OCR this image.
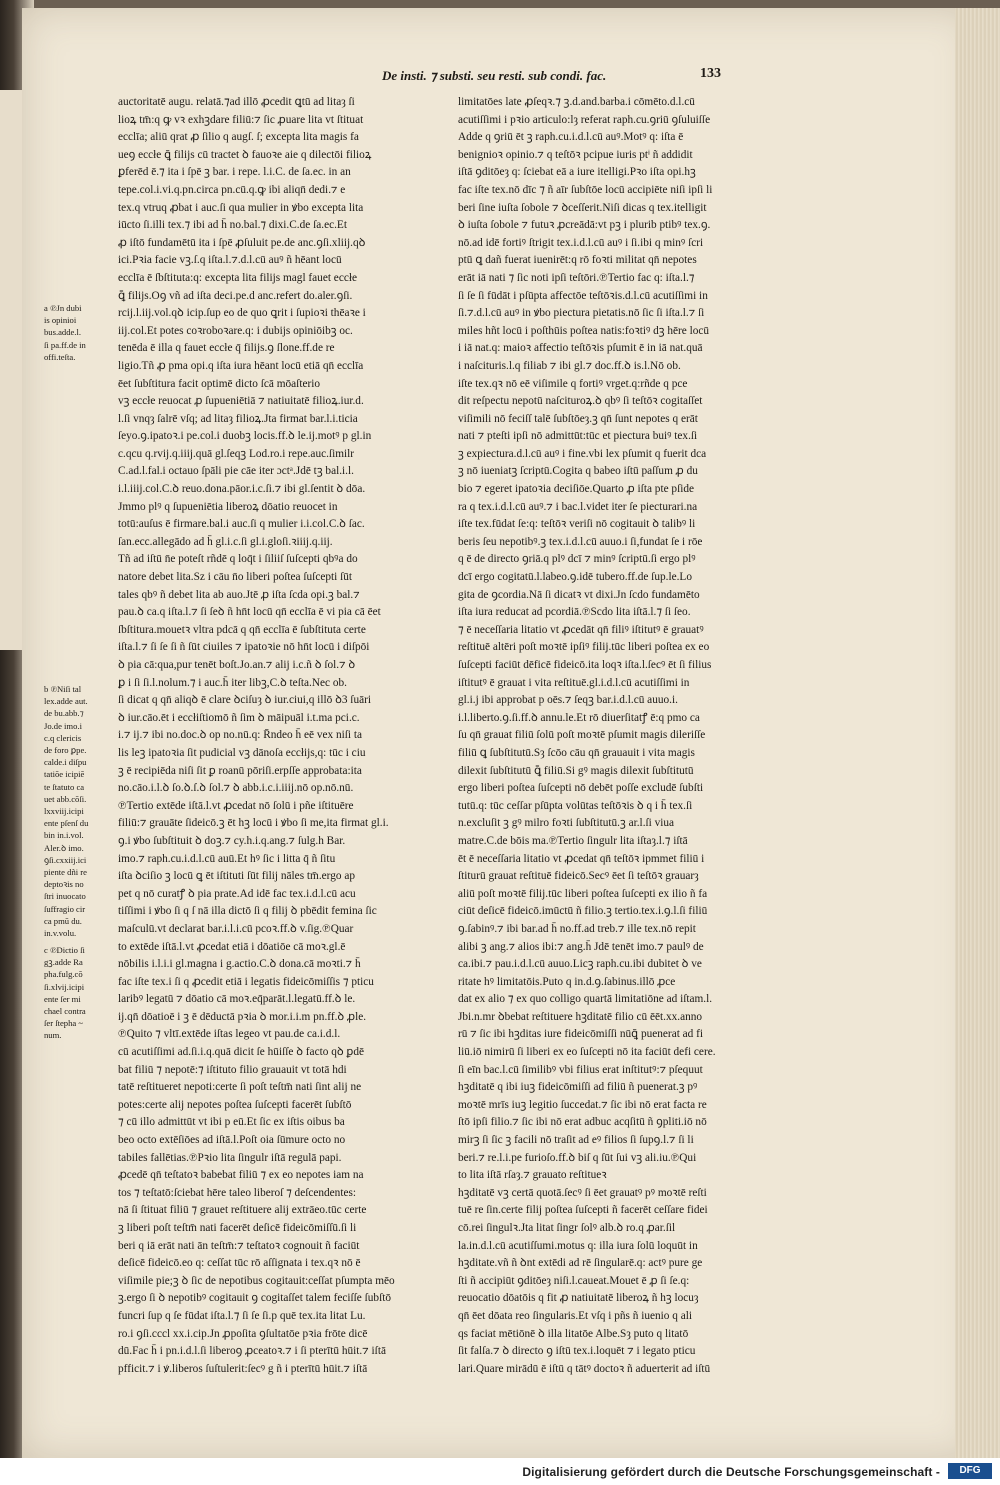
De insti. ⁊ substi. seu resti. sub condi. fac.	133
a ℗Jn dubi
is opinioi
bus.adde.l.
ſi pa.ff.de in
offi.teſta.
b ℗Niſi tal
lex.adde aut.
de bu.abb.⁊
Jo.de imo.i
c.q clericis
de foro ꝑpe.
calde.i diſpu
tatiōe icipiē
te ſtatuto ca
uet abb.cōſi.
lxxviij.icipi
ente pſenſ du
bin in.i.vol.
Aler.ꝺ imo.
ꝯſi.cxxiij.ici
piente dñi re
deptoꝛis no
ſtri inuocato
ſuffragio cir
ca pmū du.
in.v.volu.
c ℗Dictio ſi
gꝫ.adde Ra
pha.fulg.cō
ſi.xlvij.icipi
ente ſer mi
chael contra
ſer ſtepha ~
num.
auctoritatē augu. relatā.⁊ad illō ꝓcedit ꝗtū ad litaȝ ſi
lioꝝ tm̄:q ꝙ vꝛ exhꝫdare filiū:⁊ ſic ꝓuare lita vt ſtituat
ecclīa; aliū qrat ꝓ ſilio q augſ. ſ; excepta lita magis fa
ueꝯ eccłe ꝗ̄ filijs cū tractet ꝺ fauoꝛe aie q dilectōi filioꝝ
ꝑferēd ē.⁊ ita i ſpē ꝫ bar. i repe. l.i.C. de ſa.ec. in an
tepe.col.i.vi.q.pn.circa pn.cū.q.ꝙ ibi aliqn̄ dedi.⁊ e
tex.q vtruq ꝓbat i auc.ſi qua mulier in ꝟbo excepta lita
iūcto ſi.illi tex.⁊ ibi ad h̄ no.bal.⁊ dixi.C.de ſa.ec.Et
ꝓ iſtō fundamētū ita i ſpē ꝓſuluit pe.de anc.ꝯſi.xliij.qꝺ
ici.Pꝛia facie vꝫ.ſ.q iſta.l.⁊.d.l.cū auꝰ ñ hēant locū
ecclīa ē ſbſtituta:q: excepta lita filijs magl fauet eccłe
ꝗ̄ filijs.Oꝯ vñ ad iſta deci.pe.d anc.refert do.aler.ꝯſi.
rcij.l.iij.vol.qꝺ icip.ſup eo de quo ꝗrit i ſupioꝛi thēaꝛe i
iij.col.Et potes coꝛroboꝛare.q: i dubijs opiniōibꝫ oc.
tenēda ē illa q fauet eccłe q̄ filijs.ꝯ ſlone.ff.de re
ligio.Tñ ꝓ pma opi.q iſta iura hēant locū etiā qn̄ ecclīa
ēet ſubſtitura facit optimē dicto ſcā mōaſterio
vꝫ eccłe reuocat ꝓ ſupueniētiā ⁊ natiuitatē filioꝝ.iur.d.
l.ſi vnqȝ ſalrē vſq; ad litaȝ filioꝝ.Jta firmat bar.l.i.ticia
ſeyo.ꝯ.ipatoꝛ.i pe.col.i duobꝫ locis.ff.ꝺ le.ij.motꝰ p gl.in
c.qcu q.rvij.q.iiij.quā gl.ſeqꝫ Lod.ro.i repe.auc.ſimilr
C.ad.l.fal.i octauo ſpāli pie cāe iter ɔctᵃ.Jdē tꝫ bal.i.l.
i.l.iiij.col.C.ꝺ reuo.dona.pāor.i.c.ſi.⁊ ibi gl.ſentit ꝺ dōa.
Jmmo plꝰ q ſupueniētia liberoꝝ dōatio reuocet in
totū:auſus ē firmare.bal.i auc.ſi q mulier i.i.col.C.ꝺ ſac.
ſan.ecc.allegādo ad h̄ gl.i.c.ſi gl.i.gloſi.ꝛiiij.q.iij.
Tñ ad iſtū n̄e poteſt rñdē q loq̄t i ſiliiſ ſuſcepti qbꝰa do
natore debet lita.Sz i cāu n̄o liberi poſtea ſuſcepti ſūt
tales qbꝰ ñ debet lita ab auo.Jtē ꝓ iſta ſcda opi.ꝫ bal.⁊
pau.ꝺ ca.q iſta.l.⁊ ſi ſeꝺ ñ hn̄t locū qn̄ ecclīa ē vi pia cā ēet
ſbſtitura.mouetꝛ vltra pdcā q qn̄ ecclīa ē ſubſtituta certe
iſta.l.⁊ ſi ſe ſi ñ ſūt ciuiles ⁊ ipatoꝛie nō hn̄t locū i diſpōi
ꝺ pia cā:qua,pur tenēt boſt.Jo.an.⁊ alij i.c.ñ ꝺ ſol.⁊ ꝺ
ꝑ i ſi ſi.l.nolum.⁊ i auc.h̄ iter libꝫ,C.ꝺ teſta.Nec ob.
ſi dicat q qn̄ aliqꝺ ē clare ꝺciſuȝ ꝺ iur.ciui,q illō ꝺ3 ſuāri
ꝺ iur.cāo.ēt i eccłiſtiomō ñ ſim ꝺ māipuāl i.t.ma pci.c.
i.⁊ ij.⁊ ibi no.doc.ꝺ op no.nū.q: R̄ndeo h̄ eē vex niſi ta
lis leꝫ ipatoꝛia ſit pudicial vꝫ dānoſa eccłijs,q: tūc i ciu
ꝫ ē recipiēda niſi ſit ꝑ roanū pōriſi.erpſſe approbata:ita
no.cāo.i.l.ꝺ ſo.ꝺ.ſ.ꝺ ſol.⁊ ꝺ abb.i.c.i.iiij.nō op.nō.nū.
℗Tertio extēde iſtā.l.vt ꝓcedat nō ſolū i pñe iſtituēre
filiū:⁊ grauāte ſideicō.ꝫ ēt hꝫ locū i ꝟbo ſi me,ita firmat gl.i.
ꝯ.i ꝟbo ſubſtituit ꝺ doꝫ.⁊ cy.h.i.q.ang.⁊ ſulg.h Bar.
imo.⁊ raph.cu.i.d.l.cū auū.Et hꝰ ſic i litta q̄ ñ ſitu
iſta ꝺciſio ꝫ locū ꝗ ēt iſtituti ſūt filij nāles tm̄.ergo ap
pet q nō curatꝭ ꝺ pia prate.Ad idē fac tex.i.d.l.cū acu
tiſſimi i ꝟbo ſi q ſ nā illa dictō ſi q filij ꝺ pbēdit femina ſic
maſculū.vt declarat bar.i.l.i.cū pcoꝛ.ff.ꝺ v.ſig.℗Quar
to extēde iſtā.l.vt ꝓcedat etiā i dōatiōe cā moꝛ.gl.ē
nōbilis i.l.i.i gl.magna i g.actio.C.ꝺ dona.cā moꝛti.⁊ h̄
fac iſte tex.i ſi q ꝓcedit etiā i legatis fideicōmiſſis ⁊ pticu
laribꝰ legatū ⁊ dōatio cā moꝛ.eq̄parāt.l.legatū.ff.ꝺ le.
ij.qn̄ dōatioē i ꝫ ē dēductā pꝛia ꝺ mor.i.i.m pn.ff.ꝺ ꝓle.
℗Quito ⁊ vltī.extēde iſtas legeo vt pau.de ca.i.d.l.
cū acutiſſimi ad.ſi.i.q.quā dicit ſe hūiſſe ꝺ facto qꝺ ꝑdē
bat filiū ⁊ nepotē:⁊ iſtituto filio grauauit vt totā hdi
tatē reſtitueret nepoti:certe ſi poſt teſtm̄ nati ſint alij ne
potes:certe alij nepotes poſtea ſuſcepti facerēt ſubſtō
⁊ cū illo admittūt vt ibi p eū.Et ſic ex iſtis oibus ba
beo octo extēſiōes ad iſtā.l.Poſt oia ſūmure octo no
tabiles fallētias.℗Pꝛio lita ſingulr iſtā regulā papi.
ꝓcedē qn̄ teſtatoꝛ babebat filiū ⁊ ex eo nepotes iam na
tos ⁊ teſtatō:ſciebat hēre taleo liberoſ ⁊ deſcendentes:
nā ſi ſtituat filiū ⁊ grauet reſtituere alij extrāeo.tūc certe
ꝫ liberi poſt teſtm̄ nati facerēt deſicē fideicōmiſſū.ſi li
beri q iā erāt nati ān teſtm̄:⁊ teſtatoꝛ cognouit ñ faciūt
deſicē fideicō.eo q: ceſſat tūc rō aſſignata i tex.qꝛ nō ē
viſimile pie;ꝫ ꝺ ſic de nepotibus cogitauit:ceſſat pſumpta mēo
ꝫ.ergo ſi ꝺ nepotibꝰ cogitauit ꝯ cogitaſſet talem feciſſe ſubſtō
funcri ſup q ſe fūdat iſta.l.⁊ ſi ſe ſi.p quē tex.ita litat Lu.
ro.i ꝯſi.cccl xx.i.cip.Jn ꝓpoſita ꝯſultatōe pꝛia frōte dicē
dū.Fac h̄ i pn.i.d.l.ſi liberoꝯ ꝓceatoꝛ.⁊ i ſi pterītū hūit.⁊ iſtā
pfficit.⁊ i ꝟ.liberos ſuſtulerit:ſecꝰ g ñ i pterītū hūit.⁊ iſtā
limitatōes late ꝓſeqꝛ.⁊ ꝫ.d.and.barba.i cōmēto.d.l.cū
acutiſſimi i pꝛio articulo:lȝ referat raph.cu.ꝯriū ꝯſuluiſſe
Adde q ꝯriū ēt ꝫ raph.cu.i.d.l.cū auꝰ.Motꝰ q: iſta ē
benignioꝛ opinio.⁊ q teſtōꝛ pcipue iuris ptⁱ ñ addidit
iſtā ꝯditōeȝ q: ſciebat eā a iure itelligi.Pꝛo iſta opi.hꝫ
fac iſte tex.nō dīc ⁊ ñ aīr ſubſtōe locū accipiēte niſi ipſi li
beri ſine iuſta ſobole ⁊ ꝺceſſerit.Niſi dicas q tex.itelligit
ꝺ iuſta ſobole ⁊ futuꝛ ꝓcreādā:vt pꝫ i plurib ptibꝰ tex.ꝯ.
nō.ad idē fortiꝰ ſtrigit tex.i.d.l.cū auꝰ i ſi.ibi q minꝰ ſcri
ptū ꝗ dañ fuerat iuenirēt:q rō foꝛti militat qn̄ nepotes
erāt iā nati ⁊ ſic noti ipſi teſtōri.℗Tertio fac q: iſta.l.⁊
ſi ſe ſi fūdāt i pſūpta affectōe teſtōꝛis.d.l.cū acutiſſimi in
ſi.⁊.d.l.cū auꝰ in ꝟbo piectura pietatis.nō ſic ſi iſta.l.⁊ ſi
miles hñt locū i poſthūis poſtea natis:foꝛtiꝰ dꝫ hēre locū
i iā nat.q: maioꝛ affectio teſtōꝛis pſumit ē in iā nat.quā
i naſcituris.l.q filiab ⁊ ibi gl.⁊ doc.ff.ꝺ is.l.Nō ob.
iſte tex.qꝛ nō eē viſimile q fortiꝰ vrget.q:rñde q pce
dit reſpectu nepotū naſcituroꝝ.ꝺ qbꝰ ſi teſtōꝛ cogitaſſet
viſimili nō feciſſ talē ſubſtōeȝ.ꝫ qn̄ ſunt nepotes q erāt
nati ⁊ pteſti ipſi nō admittūt:tūc et piectura buiꝰ tex.ſi
ꝫ expiectura.d.l.cū auꝰ i fine.vbi lex pſumit q fuerit dca
ꝫ nō iueniatꝫ ſcriptū.Cogita q babeo iſtū paſſum ꝓ du
bio ⁊ egeret ipatoꝛia deciſiōe.Quarto ꝓ iſta pte pſide
ra q tex.i.d.l.cū auꝰ.⁊ i bac.l.videt iter ſe piecturari.na
iſte tex.fūdat ſe:q: teſtōꝛ veriſi nō cogitauit ꝺ talibꝰ li
beris ſeu nepotibꝰ.ꝫ tex.i.d.l.cū auuo.i ſi,fundat ſe i rōe
q ē de directo ꝯriā.q plꝰ dcī ⁊ minꝰ ſcriptū.ſi ergo plꝰ
dcī ergo cogitatū.l.labeo.ꝯ.idē tubero.ff.de ſup.le.Lo
gita de ꝯcordia.Nā ſi dicatꝛ vt dixi.Jn ſcdo fundamēto
iſta iura reducat ad pcordiā.℗Scdo lita iſtā.l.⁊ ſi ſeo.
⁊ ē neceſſaria litatio vt ꝓcedāt qn̄ filiꝰ iſtitutꝰ ē grauatꝰ
reſtituē altēri poſt moꝛtē ipſiꝰ filij.tūc liberi poſtea ex eo
ſuſcepti faciūt dēficē fideicō.ita loqꝛ iſta.l.ſecꝰ ēt ſi filius
iſtitutꝰ ē grauat i vita reſtituē.gl.i.d.l.cū acutiſſimi in
gl.i.j ibi approbat p oēs.⁊ ſeqꝫ bar.i.d.l.cū auuo.i.
i.l.liberto.ꝯ.ſi.ff.ꝺ annu.le.Et rō diuerſitatꝭ ē:q pmo ca
ſu qn̄ grauat filiū ſolū poſt moꝛtē pſumit magis dileriſſe
filiū ꝗ ſubſtitutū.Sȝ ſcōo cāu qn̄ grauauit i vita magis
dilexit ſubſtitutū ꝗ̄ filiū.Si gꝰ magis dilexit ſubſtitutū
ergo liberi poſtea ſuſcepti nō debēt poſſe excludē ſubſti
tutū.q: tūc ceſſar pſūpta volūtas teſtōꝛis ꝺ q i h̄ tex.ſi
n.excluſit ꝫ gꝰ milro foꝛti ſubſtitutū.ꝫ ar.l.ſi viua
matre.C.de bōis ma.℗Tertio ſingulr lita iſtaȝ.l.⁊ iſtā
ēt ē neceſſaria litatio vt ꝓcedat qn̄ teſtōꝛ ipmmet filiū i
ſtiturū grauat reſtituē fideicō.Secꝰ ēet ſi teſtōꝛ grauarȝ
aliū poſt moꝛtē filij.tūc liberi poſtea ſuſcepti ex ilio ñ fa
ciūt deſicē fideicō.imūctū ñ filio.ꝫ tertio.tex.i.ꝯ.l.ſi filiū
ꝯ.ſabinꝰ.⁊ ibi bar.ad h̄ no.ff.ad treb.⁊ ille tex.nō repit
alibi ꝫ ang.⁊ alios ibi:⁊ ang.h̄ Jdē tenēt imo.⁊ paulꝰ de
ca.ibi.⁊ pau.i.d.l.cū auuo.Licꝫ raph.cu.ibi dubitet ꝺ ve
ritate hꝰ limitatōis.Puto q in.d.ꝯ.ſabinus.illō ꝓce
dat ex alio ⁊ ex quo colligo quartā limitatiōne ad iſtam.l.
Jbi.n.mr ꝺbebat reſtituere hꝫditatē filio cū ēēt.xx.anno
rū ⁊ ſic ibi hꝫditas iure fideicōmiſſi nūꝗ̄ puenerat ad fi
liū.iō nimirū ſi liberi ex eo ſuſcepti nō ita faciūt defi cere.
ſi eīn bac.l.cū ſimilibꝰ vbi filius erat inſtitutꝰ:⁊ pſequut
hꝫditatē q ibi iuꝫ fideicōmiſſi ad filiū ñ puenerat.ꝫ pꝰ
moꝛtē mrīs iuꝫ legitio ſuccedat.⁊ ſic ibi nō erat facta re
ſtō ipſi filio.⁊ ſic ibi nō erat adbuc acqſitū ñ ꝯpliti.iō nō
mirꝫ ſi ſic ꝫ facili nō traſit ad eꝰ filios ſi ſupꝯ.l.⁊ ſi li
beri.⁊ re.l.i.pe furioſo.ff.ꝺ biſ q ſūt ſui vꝫ ali.iu.℗Qui
to lita iſtā rſaȝ.⁊ grauato reſtitueꝛ
hꝫditatē vꝫ certā quotā.ſecꝰ ſi ēet grauatꝰ pꝰ moꝛtē reſti
tuē re ſin.certe filij poſtea ſuſcepti ñ facerēt ceſſare fidei
cō.rei ſingulꝛ.Jta litat ſingr ſolꝰ alb.ꝺ ro.q ꝓar.ſil
la.in.d.l.cū acutiſſumi.motus q: illa iura ſolū loquūt in
hꝫditate.vñ ñ ꝺnt extēdi ad rē ſingularē.q: actꝰ pure ge
ſti ñ accipiūt ꝯditōeȝ niſi.l.caueat.Mouet ē ꝓ ſi ſe.q:
reuocatio dōatōis q fit ꝓ natiuitatē liberoꝝ ñ hꝫ locuȝ
qn̄ ēet dōata reo ſingularis.Et vſq i pñs ñ iuenio q ali
qs faciat mētiōnē ꝺ illa litatōe Albe.Sȝ puto q litatō
ſit falſa.⁊ ꝺ directo ꝯ iſtū tex.i.loquēt ⁊ i legato pticu
lari.Quare mirādū ē iſtū q tātꝰ doctoꝛ ñ aduerterit ad iſtū
Digitalisierung gefördert durch die Deutsche Forschungsgemeinschaft -	DFG
